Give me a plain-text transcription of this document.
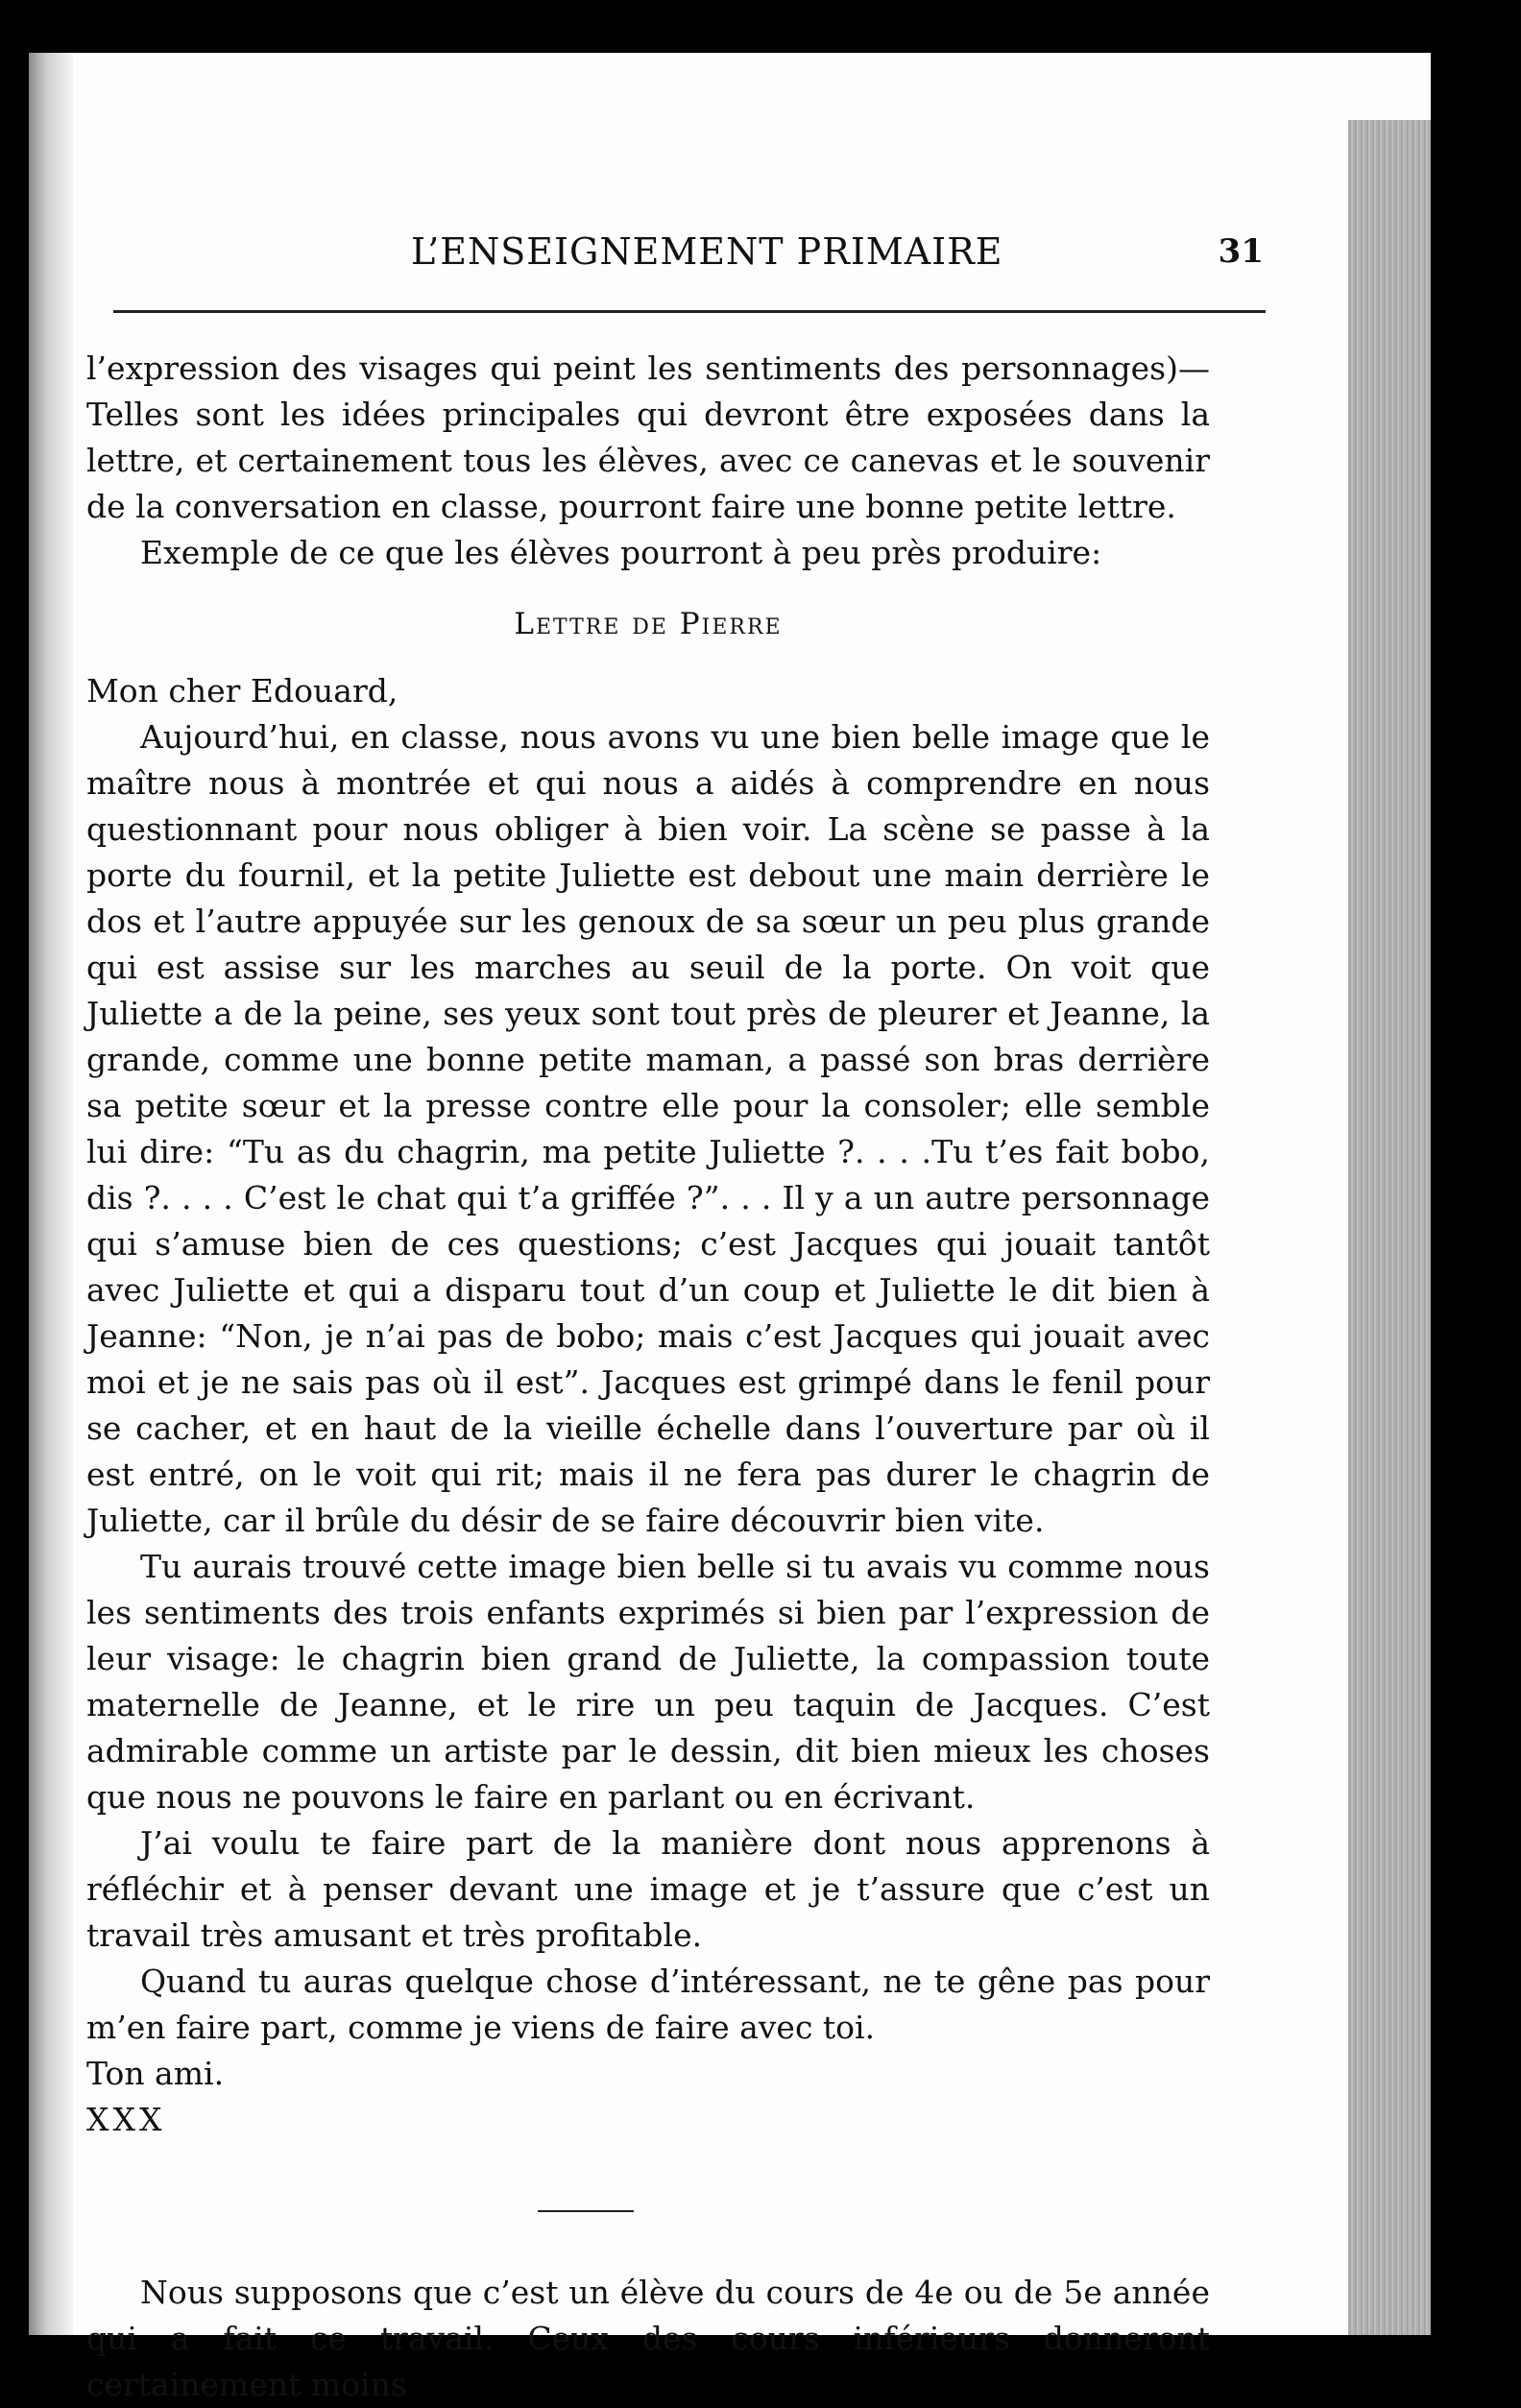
L’ENSEIGNEMENT PRIMAIRE	31

l’expression des visages qui peint les sentiments des personnages)—Telles sont les idées principales qui devront être exposées dans la lettre, et certainement tous les élèves, avec ce canevas et le souvenir de la conversation en classe, pourront faire une bonne petite lettre.

Exemple de ce que les élèves pourront à peu près produire:

Lettre de Pierre

Mon cher Edouard,

Aujourd’hui, en classe, nous avons vu une bien belle image que le maître nous à montrée et qui nous a aidés à comprendre en nous questionnant pour nous obliger à bien voir. La scène se passe à la porte du fournil, et la petite Juliette est debout une main derrière le dos et l’autre appuyée sur les genoux de sa sœur un peu plus grande qui est assise sur les marches au seuil de la porte. On voit que Juliette a de la peine, ses yeux sont tout près de pleurer et Jeanne, la grande, comme une bonne petite maman, a passé son bras derrière sa petite sœur et la presse contre elle pour la consoler; elle semble lui dire: “Tu as du chagrin, ma petite Juliette ?. . . .Tu t’es fait bobo, dis ?. . . . C’est le chat qui t’a griffée ?”. . . Il y a un autre personnage qui s’amuse bien de ces questions; c’est Jacques qui jouait tantôt avec Juliette et qui a disparu tout d’un coup et Juliette le dit bien à Jeanne: “Non, je n’ai pas de bobo; mais c’est Jacques qui jouait avec moi et je ne sais pas où il est”. Jacques est grimpé dans le fenil pour se cacher, et en haut de la vieille échelle dans l’ouverture par où il est entré, on le voit qui rit; mais il ne fera pas durer le chagrin de Juliette, car il brûle du désir de se faire découvrir bien vite.

Tu aurais trouvé cette image bien belle si tu avais vu comme nous les sentiments des trois enfants exprimés si bien par l’expression de leur visage: le chagrin bien grand de Juliette, la compassion toute maternelle de Jeanne, et le rire un peu taquin de Jacques. C’est admirable comme un artiste par le dessin, dit bien mieux les choses que nous ne pouvons le faire en parlant ou en écrivant.

J’ai voulu te faire part de la manière dont nous apprenons à réfléchir et à penser devant une image et je t’assure que c’est un travail très amusant et très profitable.

Quand tu auras quelque chose d’intéressant, ne te gêne pas pour m’en faire part, comme je viens de faire avec toi.

Ton ami.

XXX

Nous supposons que c’est un élève du cours de 4e ou de 5e année qui a fait ce travail. Ceux des cours inférieurs donneront certainement moins
